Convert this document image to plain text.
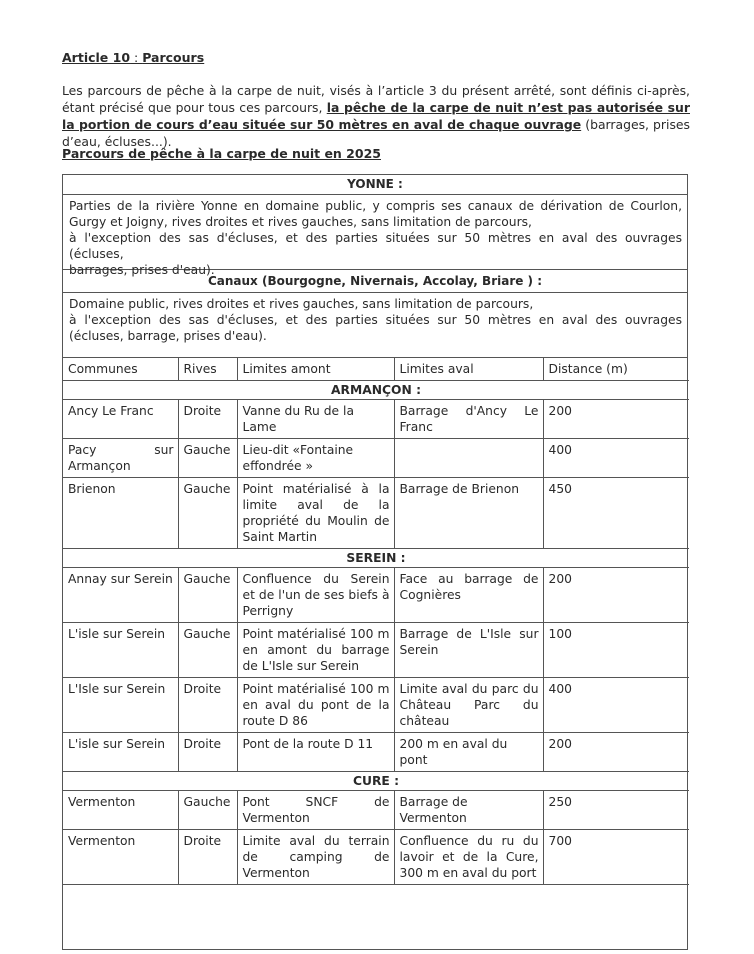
Article 10 : Parcours
Les parcours de pêche à la carpe de nuit, visés à l’article 3 du présent arrêté, sont définis ci-après, étant précisé que pour tous ces parcours, la pêche de la carpe de nuit n’est pas autorisée sur la portion de cours d’eau située sur 50 mètres en aval de chaque ouvrage (barrages, prises d’eau, écluses...).
Parcours de pêche à la carpe de nuit en 2025
YONNE :
Parties de la rivière Yonne en domaine public, y compris ses canaux de dérivation de Courlon, Gurgy et Joigny, rives droites et rives gauches, sans limitation de parcours,
à l'exception des sas d'écluses, et des parties situées sur 50 mètres en aval des ouvrages (écluses,
barrages, prises d'eau).
Canaux (Bourgogne, Nivernais, Accolay, Briare ) :
Domaine public, rives droites et rives gauches, sans limitation de parcours,
à l'exception des sas d'écluses, et des parties situées sur 50 mètres en aval des ouvrages (écluses, barrage, prises d'eau).
Communes	Rives	Limites amont	Limites aval	Distance (m)
ARMANÇON :				
Ancy Le Franc	Droite	Vanne du Ru de la Lame	Barrage d'Ancy Le Franc	200
Pacy sur Armançon	Gauche	Lieu-dit «Fontaine effondrée »		400
Brienon	Gauche	Point matérialisé à la limite aval de la propriété du Moulin de Saint Martin	Barrage de Brienon	450
SEREIN :				
Annay sur Serein	Gauche	Confluence du Serein et de l'un de ses biefs à Perrigny	Face au barrage de Cognières	200
L'isle sur Serein	Gauche	Point matérialisé 100 m en amont du barrage de L'Isle sur Serein	Barrage de L'Isle sur Serein	100
L'Isle sur Serein	Droite	Point matérialisé 100 m en aval du pont de la route D 86	Limite aval du parc du Château Parc du château	400
L'isle sur Serein	Droite	Pont de la route D 11	200 m en aval du pont	200
CURE :				
Vermenton	Gauche	Pont SNCF de Vermenton	Barrage de Vermenton	250
Vermenton	Droite	Limite aval du terrain de camping de Vermenton	Confluence du ru du lavoir et de la Cure, 300 m en aval du port	700
